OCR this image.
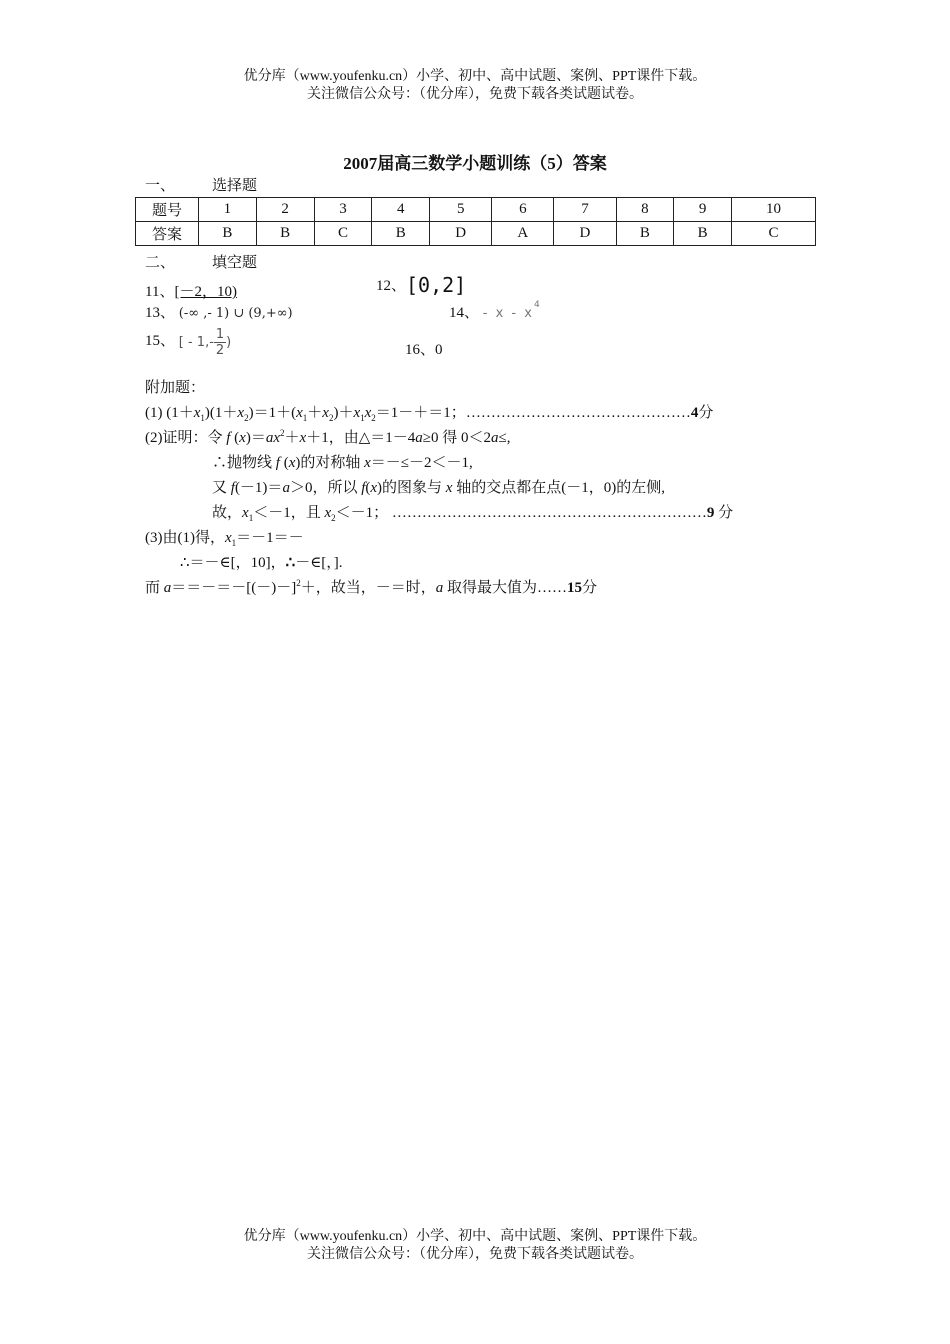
优分库（www.youfenku.cn）小学、初中、高中试题、案例、PPT课件下载。
关注微信公众号：（优分库），免费下载各类试题试卷。
2007届高三数学小题训练（5）答案
一、 选择题
题号	1	2	3	4	5	6	7	8	9	10
答案	B	B	C	B	D	A	D	B	B	C
二、 填空题
11、[－2，10)	12、[0,2]
13、 (-∞ ,- 1) ∪ (9,+∞)	14、 - x - $x^4$
15、 [ - $1,- \frac{1}{2}$ )	16、0
附加题：
(1) $(1+x_1)(1+x_2)=1+(x_1+x_2)+x_1x_2=1-+=1$；………………………………………4分
(2)证明：令 f $(x)=ax^2+x+1$，由△＝1－4a≥0 得 0＜2a≤,
∴抛物线 f (x)的对称轴 x＝－≤－2＜－1,
又 f(－1)＝a＞0，所以 f(x)的图象与 x 轴的交点都在点(－1，0)的左侧,
故，$x_1<-1$，且 $x_2<-1$； ………………………………………………………9 分
(3)由(1)得，$x_1=-1=-$
∴＝－∈[，10]，∴－∈[，].
而 a＝＝－＝－[(－)－]$^2$＋，故当，－＝时，a 取得最大值为……15分
优分库（www.youfenku.cn）小学、初中、高中试题、案例、PPT课件下载。
关注微信公众号：（优分库），免费下载各类试题试卷。
